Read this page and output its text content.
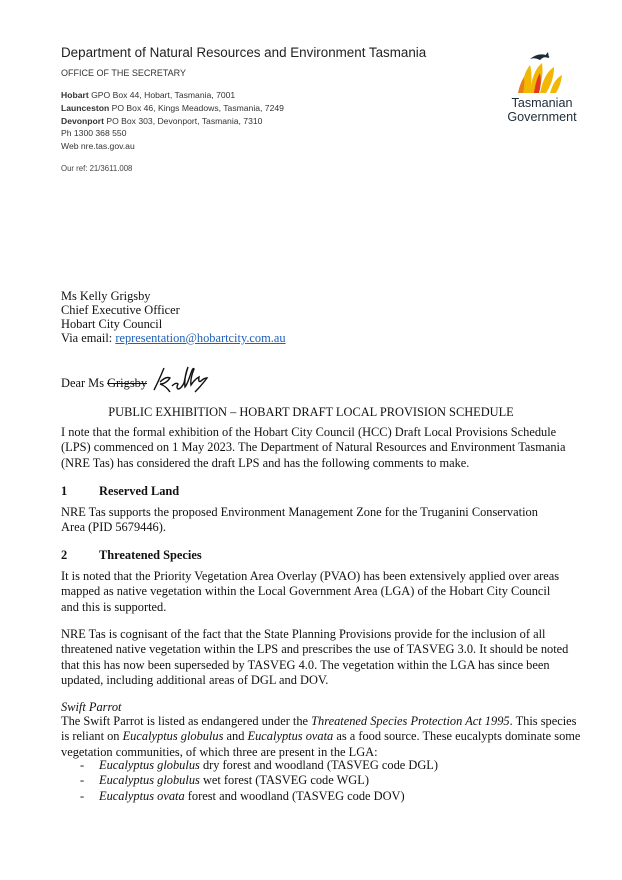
Department of Natural Resources and Environment Tasmania
OFFICE OF THE SECRETARY
Hobart GPO Box 44, Hobart, Tasmania, 7001
Launceston PO Box 46, Kings Meadows, Tasmania, 7249
Devonport PO Box 303, Devonport, Tasmania, 7310
Ph 1300 368 550
Web nre.tas.gov.au
Our ref: 21/3611.008
Tasmanian
Government
Ms Kelly Grigsby
Chief Executive Officer
Hobart City Council
Via email: representation@hobartcity.com.au
Dear Ms Grigsby
PUBLIC EXHIBITION – HOBART DRAFT LOCAL PROVISION SCHEDULE
I note that the formal exhibition of the Hobart City Council (HCC) Draft Local Provisions Schedule
(LPS) commenced on 1 May 2023. The Department of Natural Resources and Environment Tasmania
(NRE Tas) has considered the draft LPS and has the following comments to make.
1	Reserved Land
NRE Tas supports the proposed Environment Management Zone for the Truganini Conservation
Area (PID 5679446).
2	Threatened Species
It is noted that the Priority Vegetation Area Overlay (PVAO) has been extensively applied over areas
mapped as native vegetation within the Local Government Area (LGA) of the Hobart City Council
and this is supported.
NRE Tas is cognisant of the fact that the State Planning Provisions provide for the inclusion of all
threatened native vegetation within the LPS and prescribes the use of TASVEG 3.0. It should be noted
that this has now been superseded by TASVEG 4.0. The vegetation within the LGA has since been
updated, including additional areas of DGL and DOV.
Swift Parrot
The Swift Parrot is listed as endangered under the Threatened Species Protection Act 1995. This species
is reliant on Eucalyptus globulus and Eucalyptus ovata as a food source. These eucalypts dominate some
vegetation communities, of which three are present in the LGA:
- Eucalyptus globulus dry forest and woodland (TASVEG code DGL)
- Eucalyptus globulus wet forest (TASVEG code WGL)
- Eucalyptus ovata forest and woodland (TASVEG code DOV)
